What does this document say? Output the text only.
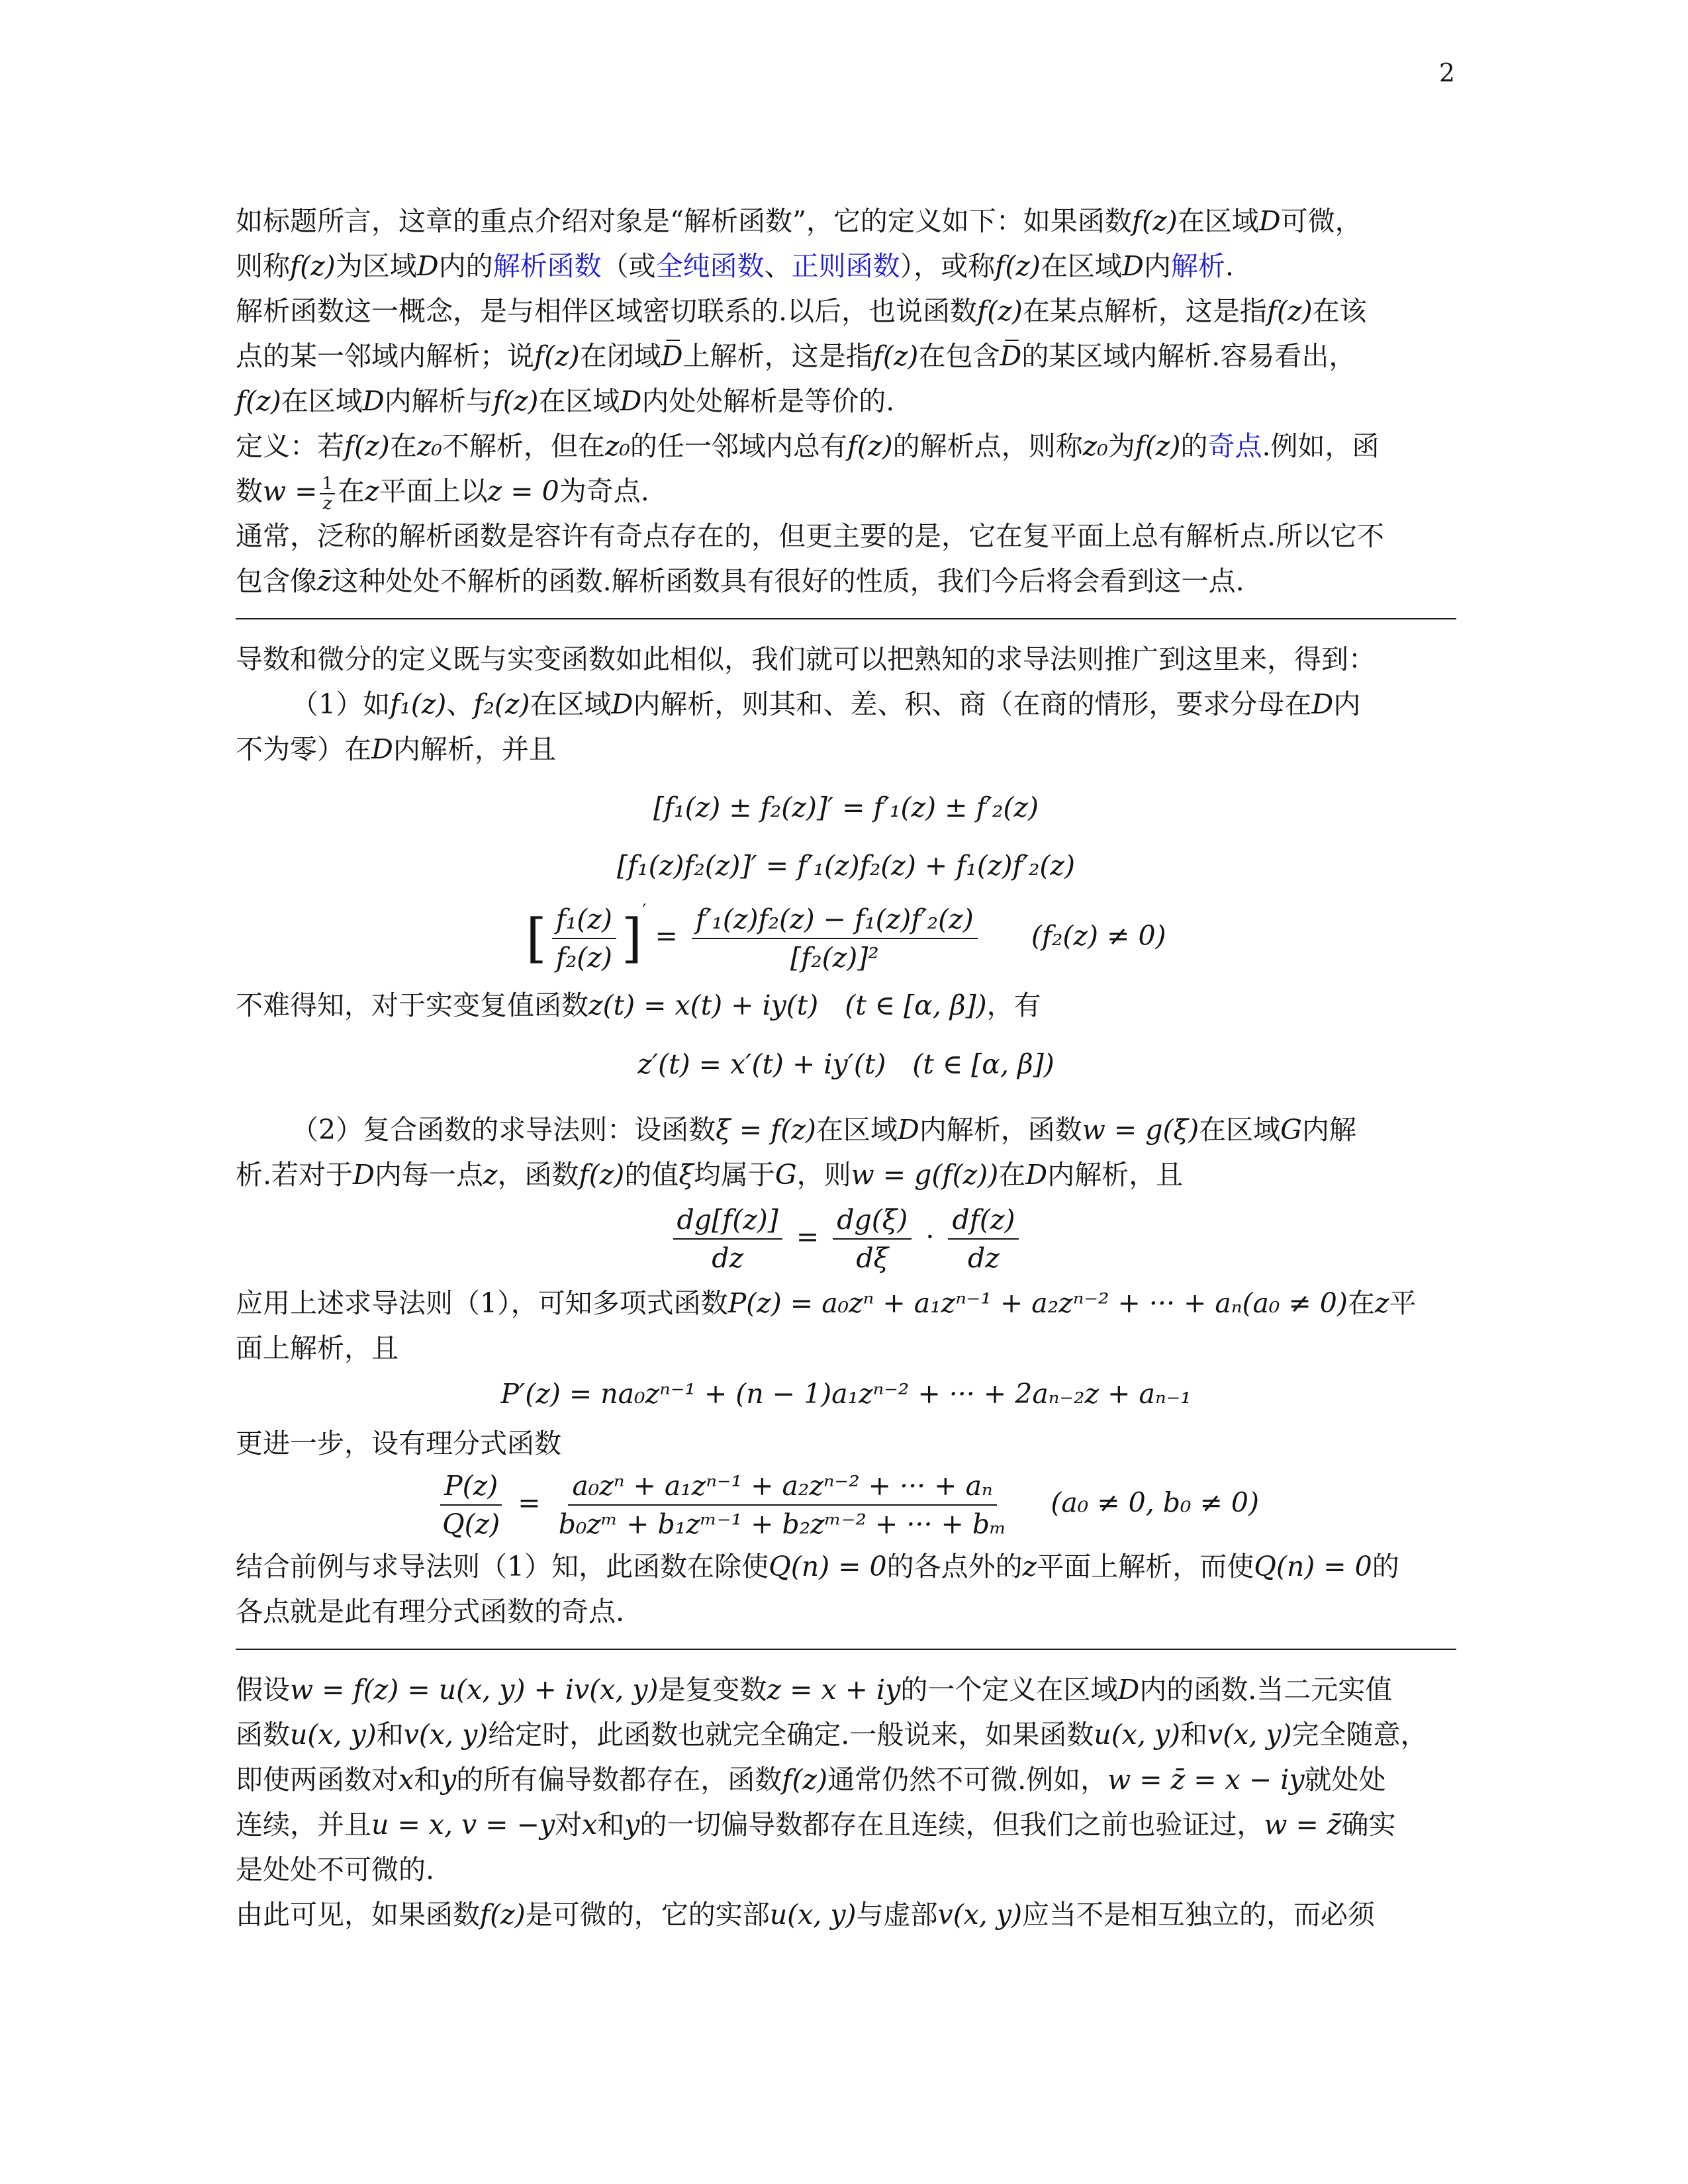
2

如标题所言，这章的重点介绍对象是“解析函数”，它的定义如下：如果函数f(z)在区域D可微，

则称f(z)为区域D内的解析函数（或全纯函数、正则函数），或称f(z)在区域D内解析.

解析函数这一概念，是与相伴区域密切联系的.以后，也说函数f(z)在某点解析，这是指f(z)在该

点的某一邻域内解析；说f(z)在闭域D̅上解析，这是指f(z)在包含D̅的某区域内解析.容易看出，

f(z)在区域D内解析与f(z)在区域D内处处解析是等价的.

定义：若f(z)在z₀不解析，但在z₀的任一邻域内总有f(z)的解析点，则称z₀为f(z)的奇点.例如，函

数$w = \frac{1}{z}$ 在z平面上以z = 0为奇点.

通常，泛称的解析函数是容许有奇点存在的，但更主要的是，它在复平面上总有解析点.所以它不

包含像z̄这种处处不解析的函数.解析函数具有很好的性质，我们今后将会看到这一点.

导数和微分的定义既与实变函数如此相似，我们就可以把熟知的求导法则推广到这里来，得到：

（1）如f₁(z)、f₂(z)在区域D内解析，则其和、差、积、商（在商的情形，要求分母在D内

不为零）在D内解析，并且

[f₁(z) ± f₂(z)]′ = f′₁(z) ± f′₂(z)
[f₁(z)f₂(z)]′ = f′₁(z)f₂(z) + f₁(z)f′₂(z)
[ $\frac{\text{f₁(z)}}{\text{f₂(z)}} ]' = \frac{\text{f′₁(z)f₂(z) − f₁(z)f′₂(z)}}{\text{[f₂(z)]²}} (f_2(z) \ne 0)$

不难得知，对于实变复值函数z(t) = x(t) + iy(t) (t ∈ [α, β])，有

z′(t) = x′(t) + iy′(t) (t ∈ [α, β])

（2）复合函数的求导法则：设函数ξ = f(z)在区域D内解析，函数w = g(ξ)在区域G内解

析.若对于D内每一点z，函数f(z)的值ξ均属于G，则w = g(f(z))在D内解析，且

$\frac{dg[f(z)]}{dz} = \frac{dg(\xi)}{d\xi} \cdot \frac{df(z)}{dz}$

应用上述求导法则（1），可知多项式函数P(z) = a₀zⁿ + a₁zⁿ⁻¹ + a₂zⁿ⁻² + ··· + aₙ(a₀ ≠ 0)在z平

面上解析，且

P′(z) = na₀zⁿ⁻¹ + (n − 1)a₁zⁿ⁻² + ··· + 2aₙ₋₂z + aₙ₋₁

更进一步，设有理分式函数

$\frac{P(z)}{Q(z)} = \frac{\text{a₀zⁿ + a₁zⁿ⁻¹ + a₂zⁿ⁻² + ··· + aₙ}}{\text{b₀zᵐ + b₁zᵐ⁻¹ + b₂zᵐ⁻² + ··· + bₘ}} (a_0 \ne 0$, b₀ ≠ 0)

结合前例与求导法则（1）知，此函数在除使Q(n) = 0的各点外的z平面上解析，而使Q(n) = 0的

各点就是此有理分式函数的奇点.

假设w = f(z) = u(x, y) + iv(x, y)是复变数z = x + iy的一个定义在区域D内的函数.当二元实值

函数u(x, y)和v(x, y)给定时，此函数也就完全确定.一般说来，如果函数u(x, y)和v(x, y)完全随意，

即使两函数对x和y的所有偏导数都存在，函数f(z)通常仍然不可微.例如，w = z̄ = x − iy就处处

连续，并且u = x, v = −y对x和y的一切偏导数都存在且连续，但我们之前也验证过，w = z̄确实

是处处不可微的.

由此可见，如果函数f(z)是可微的，它的实部u(x, y)与虚部v(x, y)应当不是相互独立的，而必须
